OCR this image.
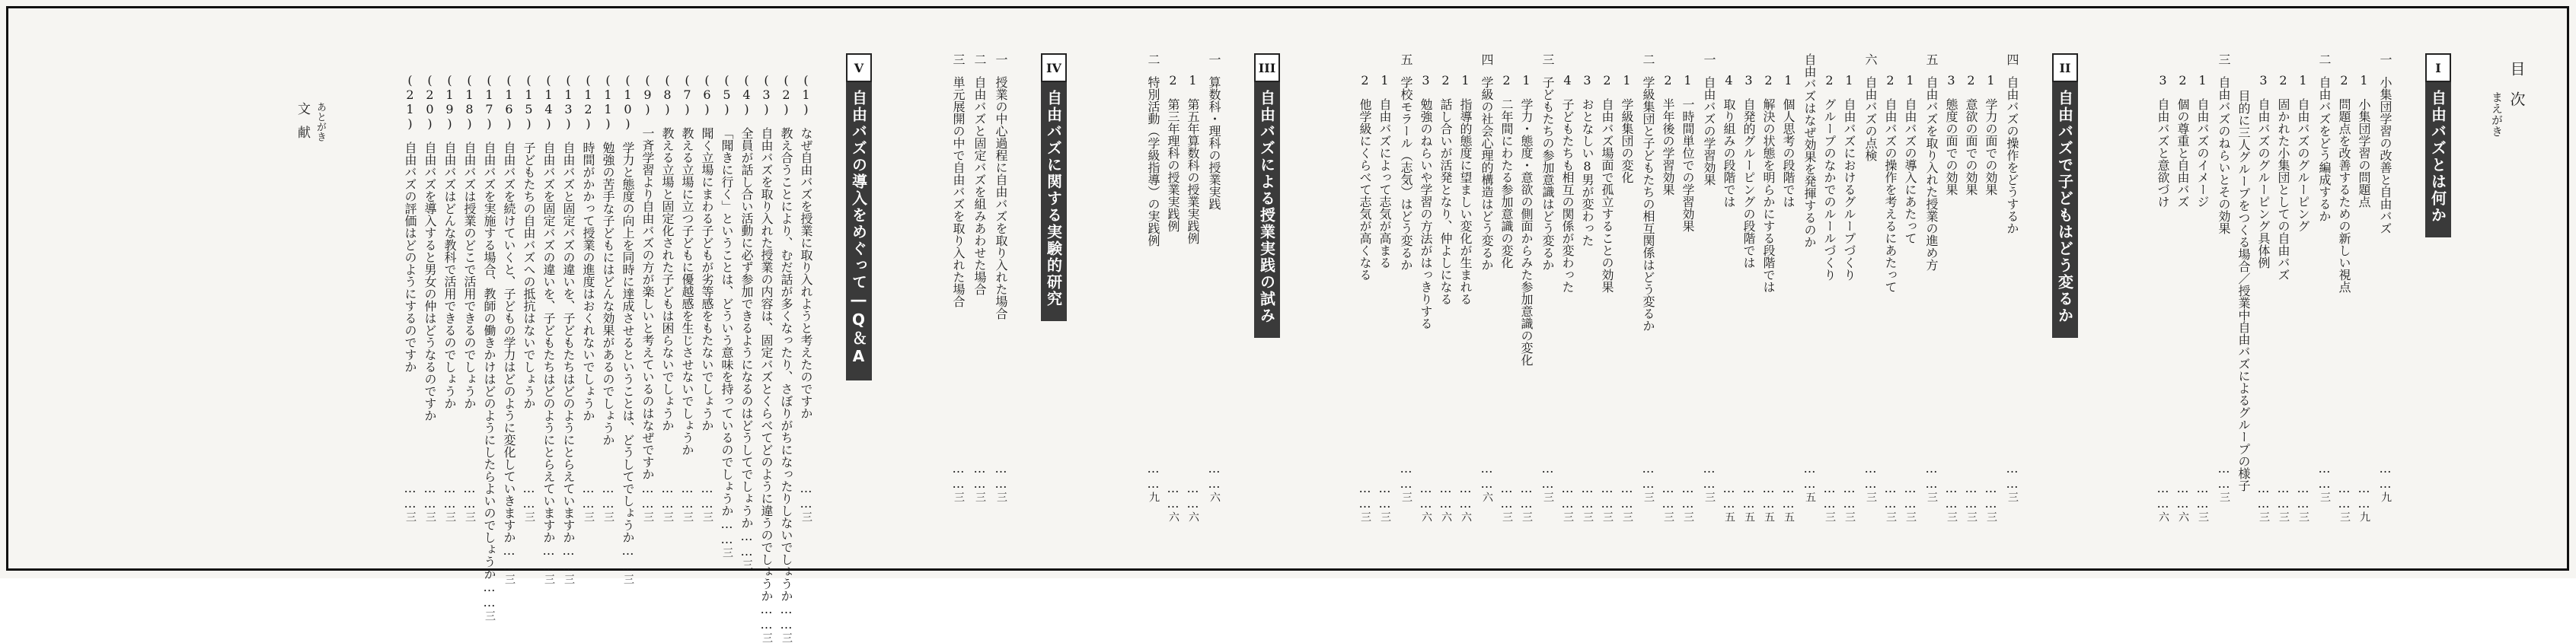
目次
まえがき
I
自由バズとは何か
一
小集団学習の改善と自由バズ
……
九
1
小集団学習の問題点
……
九
2
問題点を改善するための新しい視点
……
三
二
自由バズをどう編成するか
……
三
1
自由バズのグルーピング
……
三
2
固かれた小集団としての自由バズ
……
三
3
自由バズのグルーピング具体例
……
三
目的に三人グループをつくる場合／授業中自由バズによるグループの様子
三
自由バズのねらいとその効果
……
三
1
自由バズのイメージ
……
三
2
個の尊重と自由バズ
……
六
3
自由バズと意欲づけ
……
六
II
自由バズで子どもはどう変るか
四
自由バズの操作をどうするか
……
三
1
学力の面での効果
……
三
2
意欲の面での効果
……
三
3
態度の面での効果
……
三
五
自由バズを取り入れた授業の進め方
……
三
1
自由バズの導入にあたって
……
三
2
自由バズの操作を考えるにあたって
……
三
六
自由バズの点検
……
三
1
自由バズにおけるグループづくり
……
三
2
グループのなかでのルールづくり
……
三
自由バズはなぜ効果を発揮するのか
……
五
1
個人思考の段階では
……
五
2
解決の状態を明らかにする段階では
……
五
3
自発的グルーピングの段階では
……
五
4
取り組みの段階では
……
五
一
自由バズの学習効果
……
三
1
一時間単位での学習効果
……
三
2
半年後の学習効果
……
三
二
学級集団と子どもたちの相互関係はどう変るか
……
三
1
学級集団の変化
……
三
2
自由バズ場面で孤立することの効果
……
三
3
おとなしい8男が変わった
……
三
4
子どもたちも相互の関係が変わった
……
三
三
子どもたちの参加意識はどう変るか
……
三
1
学力・態度・意欲の側面からみた参加意識の変化
……
三
2
二年間にわたる参加意識の変化
……
三
四
学級の社会心理的構造はどう変るか
……
六
1
指導的態度に望ましい変化が生まれる
……
六
2
話し合いが活発となり、仲よしになる
……
六
3
勉強のねらいや学習の方法がはっきりする
……
六
五
学校モラール（志気）はどう変るか
……
三
1
自由バズによって志気が高まる
……
三
2
他学級にくらべて志気が高くなる
……
三
III
自由バズによる授業実践の試み
一
算数科・理科の授業実践
……
六
1
第五年算数科の授業実践例
……
六
2
第三年理科の授業実践例
……
六
二
特別活動（学級指導）の実践例
……
九
IV
自由バズに関する実験的研究
一
授業の中心過程に自由バズを取り入れた場合
……
三
二
自由バズと固定バズを組みあわせた場合
……
三
三
単元展開の中で自由バズを取り入れた場合
……
三
V
自由バズの導入をめぐって―Q＆A
(1)
なぜ自由バズを授業に取り入れようと考えたのですか
……
三
(2)
教え合うことにより、むだ話が多くなったり、さぼりがちになったりしないでしょうか
……
三
(3)
自由バズを取り入れた授業の内容は、固定バズとくらべてどのように違うのでしょうか
……
三
(4)
全員が話し合い活動に必ず参加できるようになるのはどうしてでしょうか
……
三
(5)
「聞きに行く」ということは、どういう意味を持っているのでしょうか
……
三
(6)
聞く立場にまわる子どもが劣等感をもたないでしょうか
……
三
(7)
教える立場に立つ子どもに優越感を生じさせないでしょうか
……
三
(8)
教える立場と固定化された子どもは困らないでしょうか
……
三
(9)
一斉学習より自由バズの方が楽しいと考えているのはなぜですか
……
三
(10)
学力と態度の向上を同時に達成させるということは、どうしてでしょうか
……
三
(11)
勉強の苦手な子どもにはどんな効果があるのでしょうか
……
三
(12)
時間がかかって授業の進度はおくれないでしょうか
……
三
(13)
自由バズと固定バズの違いを、子どもたちはどのようにとらえていますか
……
三
(14)
自由バズを固定バズの違いを、子どもたちはどのようにとらえていますか
……
三
(15)
子どもたちの自由バズへの抵抗はないでしょうか
……
三
(16)
自由バズを続けていくと、子どもの学力はどのように変化していきますか
……
三
(17)
自由バズを実施する場合、教師の働きかけはどのようにしたらよいのでしょうか
……
三
(18)
自由バズは授業のどこで活用できるのでしょうか
……
三
(19)
自由バズはどんな教科で活用できるのでしょうか
……
三
(20)
自由バズを導入すると男女の仲はどうなるのですか
……
三
(21)
自由バズの評価はどのようにするのですか
……
三
あとがき
文献
